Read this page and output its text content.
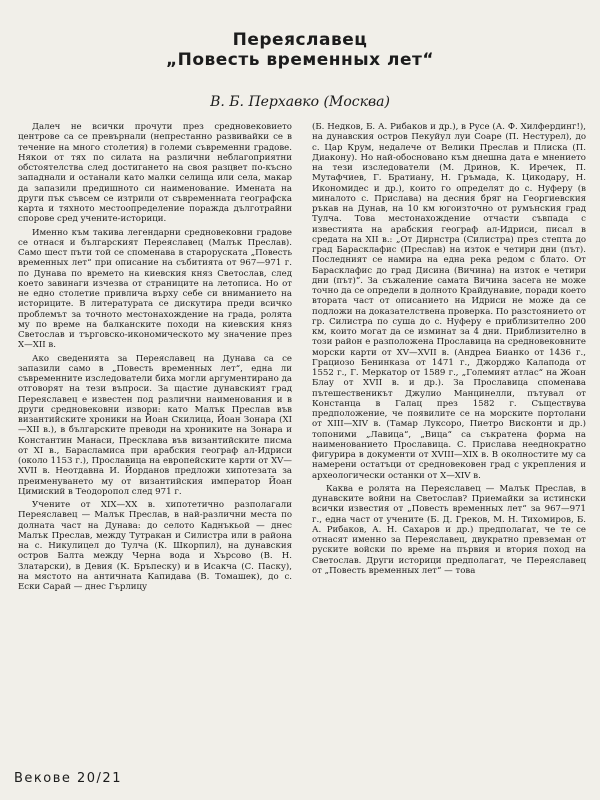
Переяславец
„Повесть временных лет“
В. Б. Перхавко (Москва)

Далеч не всички прочути през средновековието центрове са се превърнали (непрестанно развивайки се в течение на много столетия) в големи съвременни градове. Някои от тях по силата на различни неблагоприятни обстоятелства след достигането на своя разцвет по-късно западнали и останали като малки селища или села, макар да запазили предишното си наименование. Имената на други пък съвсем се изтрили от съвременната географска карта и тяхното местоопределение поражда дълготрайни спорове сред учените-историци.

Именно към такива легендарни средновековни градове се отнася и българският Переяславец (Малък Преслав). Само шест пъти той се споменава в староруската „Повесть временных лет“ при описание на събитията от 967—971 г. по Дунава по времето на киевския княз Светослав, след което завинаги изчезва от страниците на летописа. Но от не едно столетие привлича върху себе си вниманието на историците. В литературата се дискутира преди всичко проблемът за точното местонахождение на града, ролята му по време на балканските походи на киевския княз Светослав и търговско-икономическото му значение през X—XII в.

Ако сведенията за Переяславец на Дунава са се запазили само в „Повесть временных лет“, една ли съвременните изследователи биха могли аргументирано да отговорят на тези въпроси. За щастие дунавският град Переяславец е известен под различни наименования и в други средновековни извори: като Малък Преслав във византийските хроники на Йоан Скилица, Йоан Зонара (XI—XII в.), в българските преводи на хрониките на Зонара и Константин Манаси, Пресклава във византийските писма от XI в., Барасламиса при арабския географ ал-Идриси (около 1153 г.), Прославица на европейските карти от XV—XVII в. Неотдавна И. Йорданов предложи хипотезата за преименуването му от византийския император Йоан Цимиский в Теодоропол след 971 г.

Учените от XIX—XX в. хипотетично разполагали Переяславец — Малък Преслав, в най-различни места по долната част на Дунава: до селото Каднъкьой — днес Малък Преслав, между Тутракан и Силистра или в района на с. Никулицел до Тулча (К. Шкорпил), на дунавския остров Балта между Черна вода и Хърсово (В. Н. Златарски), в Девия (К. Бръпеску) и в Исакча (С. Паску), на мястото на античната Капидава (В. Томашек), до с. Ески Сарай — днес Гърлицу

(Б. Недков, Б. А. Рибаков и др.), в Русе (А. Ф. Хилфердинг!), на дунавския остров Пекуйул луи Соаре (П. Нестурел), до с. Цар Крум, недалече от Велики Преслав и Плиска (П. Диакону). Но най-обосновано към днешна дата е мнението на тези изследователи (М. Дринов, К. Иречек, П. Мутафчиев, Г. Братиану, Н. Гръмада, К. Цикодару, Н. Икономидес и др.), които го определят до с. Нуферу (в миналото с. Прислава) на десния бряг на Георгиевския ръкав на Дунав, на 10 км югоизточно от румънския град Тулча. Това местонахождение отчасти съвпада с известията на арабския географ ал-Идриси, писал в средата на XII в.: „От Дирнстра (Силистра) през степта до град Барасклафис (Преслав) на изток е четири дни (път). Последният се намира на една река редом с блато. От Барасклафис до град Дисина (Вичина) на изток е четири дни (път)“. За съжаление самата Вичина засега не може точно да се определи в долното Крайдунавие, поради което втората част от описанието на Идриси не може да се подложи на доказателствена проверка. По разстоянието от гр. Силистра по суша до с. Нуферу е приблизително 200 км, които могат да се изминат за 4 дни. Приблизително в този район е разположена Прославица на средновековните морски карти от XV—XVII в. (Андреа Бианко от 1436 г., Грациозо Бенинказа от 1471 г., Джорджо Калапода от 1552 г., Г. Меркатор от 1589 г., „Големият атлас“ на Жоан Блау от XVII в. и др.). За Прославица споменава пътешественикът Джулио Манцинелли, пътувал от Констанца в Галац през 1582 г. Съществува предположение, че появилите се на морските портолани от XIII—XIV в. (Тамар Луксоро, Пиетро Висконти и др.) топоними „Лавица“, „Вица“ са съкратена форма на наименованието Прославица. С. Прислава нееднократно фигурира в документи от XVIII—XIX в. В околностите му са намерени остатъци от средновековен град с укрепления и археологически останки от X—XIV в.

Каква е ролята на Переяславец — Малък Преслав, в дунавските войни на Светослав? Приемайки за истински всички известия от „Повесть временных лет“ за 967—971 г., една част от учените (Б. Д. Греков, М. Н. Тихомиров, Б. А. Рибаков, А. Н. Сахаров и др.) предполагат, че те се отнасят именно за Переяславец, двукратно превземан от руските войски по време на първия и втория поход на Светослав. Други историци предполагат, че Переяславец от „Повесть временных лет“ — това

Векове 20/21
